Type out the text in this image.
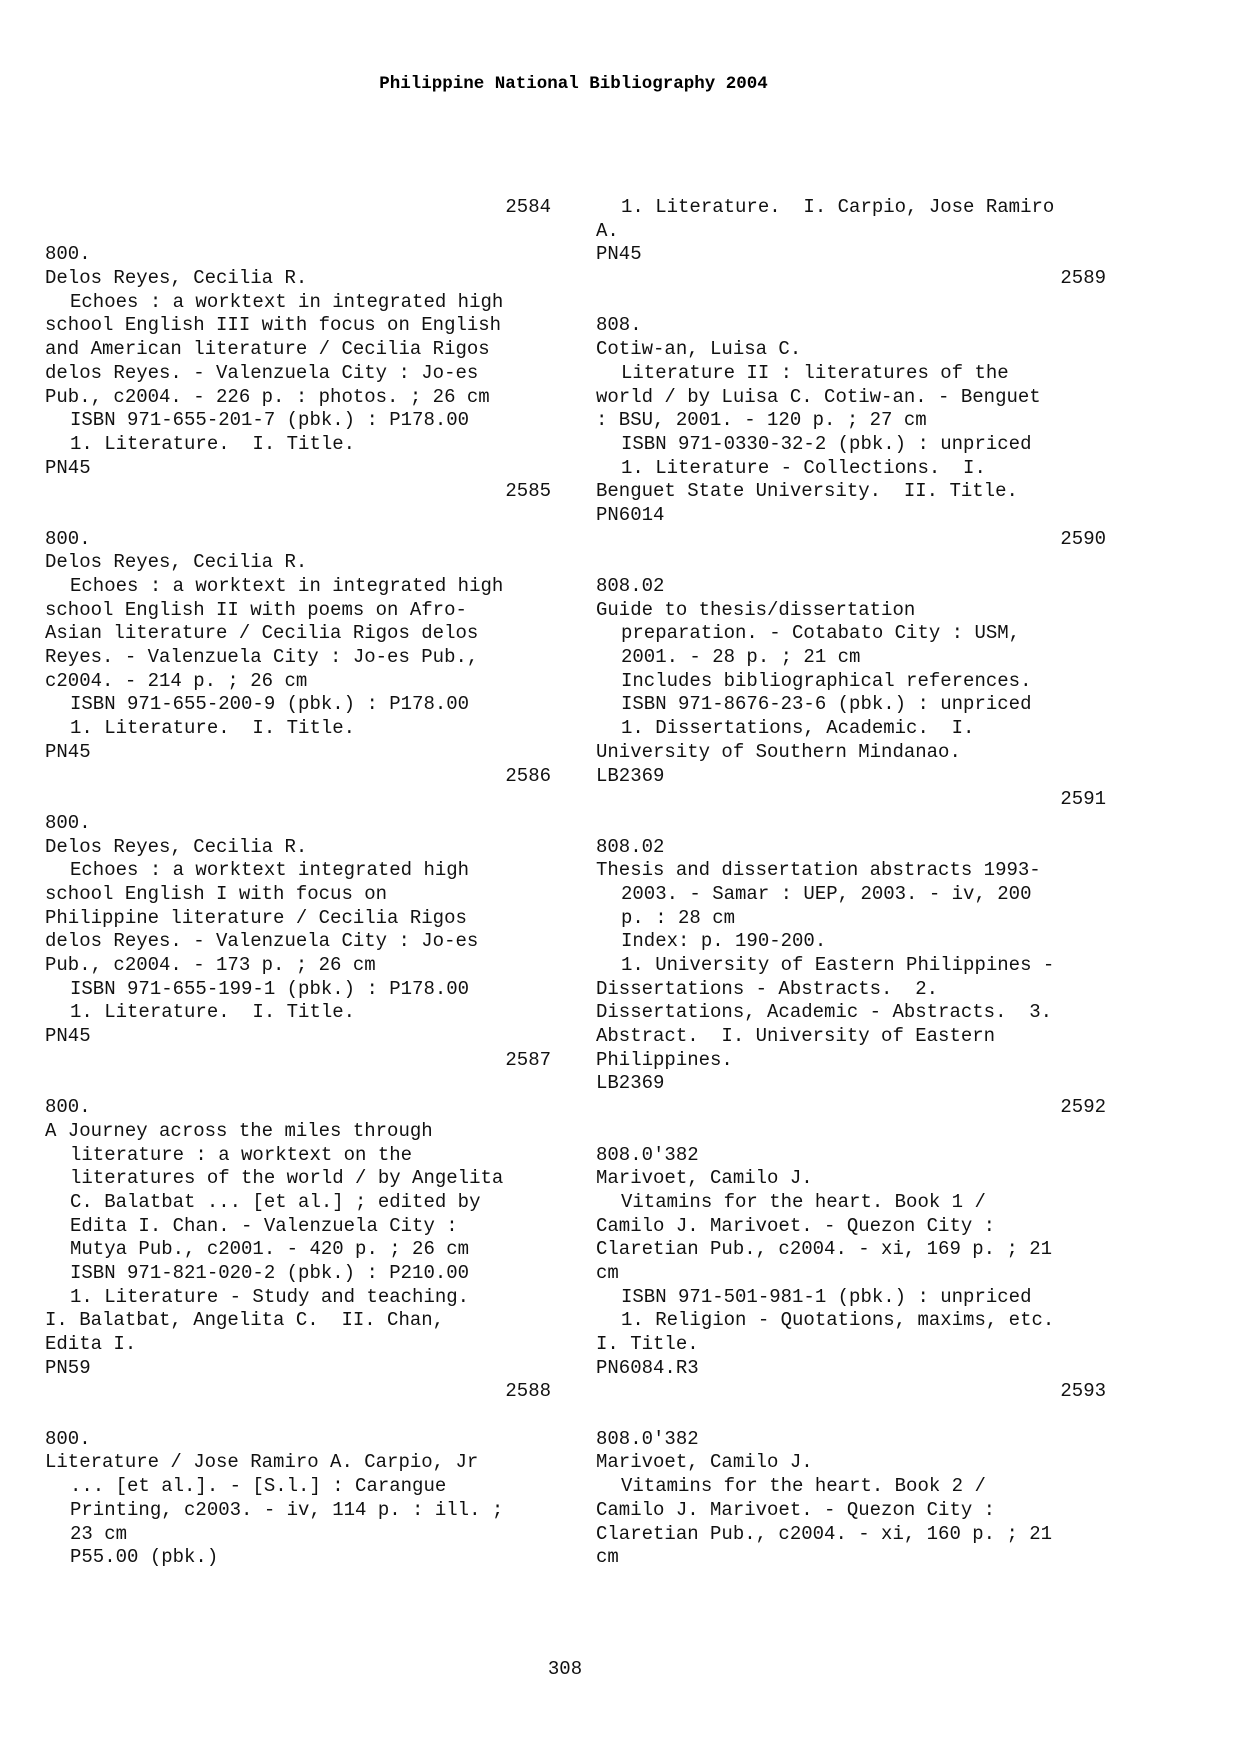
Philippine National Bibliography 2004
2584
800.
Delos Reyes, Cecilia R.
Echoes : a worktext in integrated high
school English III with focus on English
and American literature / Cecilia Rigos
delos Reyes. - Valenzuela City : Jo-es
Pub., c2004. - 226 p. : photos. ; 26 cm
ISBN 971-655-201-7 (pbk.) : P178.00
1. Literature.  I. Title.
PN45
2585
800.
Delos Reyes, Cecilia R.
Echoes : a worktext in integrated high
school English II with poems on Afro-
Asian literature / Cecilia Rigos delos
Reyes. - Valenzuela City : Jo-es Pub.,
c2004. - 214 p. ; 26 cm
ISBN 971-655-200-9 (pbk.) : P178.00
1. Literature.  I. Title.
PN45
2586
800.
Delos Reyes, Cecilia R.
Echoes : a worktext integrated high
school English I with focus on
Philippine literature / Cecilia Rigos
delos Reyes. - Valenzuela City : Jo-es
Pub., c2004. - 173 p. ; 26 cm
ISBN 971-655-199-1 (pbk.) : P178.00
1. Literature.  I. Title.
PN45
2587
800.
A Journey across the miles through
literature : a worktext on the
literatures of the world / by Angelita
C. Balatbat ... [et al.] ; edited by
Edita I. Chan. - Valenzuela City :
Mutya Pub., c2001. - 420 p. ; 26 cm
ISBN 971-821-020-2 (pbk.) : P210.00
1. Literature - Study and teaching.
I. Balatbat, Angelita C.  II. Chan,
Edita I.
PN59
2588
800.
Literature / Jose Ramiro A. Carpio, Jr
... [et al.]. - [S.l.] : Carangue
Printing, c2003. - iv, 114 p. : ill. ;
23 cm
P55.00 (pbk.)
1. Literature.  I. Carpio, Jose Ramiro
A.
PN45
2589
808.
Cotiw-an, Luisa C.
Literature II : literatures of the
world / by Luisa C. Cotiw-an. - Benguet
: BSU, 2001. - 120 p. ; 27 cm
ISBN 971-0330-32-2 (pbk.) : unpriced
1. Literature - Collections.  I.
Benguet State University.  II. Title.
PN6014
2590
808.02
Guide to thesis/dissertation
preparation. - Cotabato City : USM,
2001. - 28 p. ; 21 cm
Includes bibliographical references.
ISBN 971-8676-23-6 (pbk.) : unpriced
1. Dissertations, Academic.  I.
University of Southern Mindanao.
LB2369
2591
808.02
Thesis and dissertation abstracts 1993-
2003. - Samar : UEP, 2003. - iv, 200
p. : 28 cm
Index: p. 190-200.
1. University of Eastern Philippines -
Dissertations - Abstracts.  2.
Dissertations, Academic - Abstracts.  3.
Abstract.  I. University of Eastern
Philippines.
LB2369
2592
808.0'382
Marivoet, Camilo J.
Vitamins for the heart. Book 1 /
Camilo J. Marivoet. - Quezon City :
Claretian Pub., c2004. - xi, 169 p. ; 21
cm
ISBN 971-501-981-1 (pbk.) : unpriced
1. Religion - Quotations, maxims, etc.
I. Title.
PN6084.R3
2593
808.0'382
Marivoet, Camilo J.
Vitamins for the heart. Book 2 /
Camilo J. Marivoet. - Quezon City :
Claretian Pub., c2004. - xi, 160 p. ; 21
cm
308
